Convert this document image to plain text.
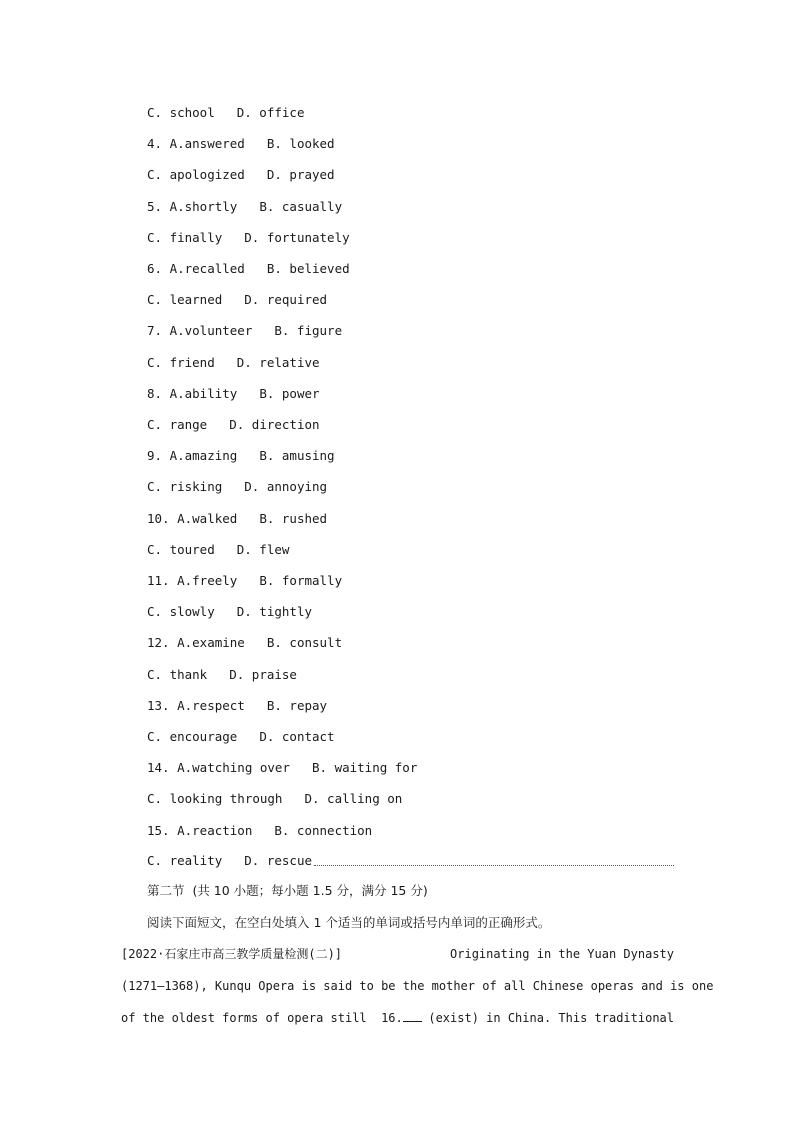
C. school D. office
4. A.answered B. looked
C. apologized D. prayed
5. A.shortly B. casually
C. finally D. fortunately
6. A.recalled B. believed
C. learned D. required
7. A.volunteer B. figure
C. friend D. relative
8. A.ability B. power
C. range D. direction
9. A.amazing B. amusing
C. risking D. annoying
10. A.walked B. rushed
C. toured D. flew
11. A.freely B. formally
C. slowly D. tightly
12. A.examine B. consult
C. thank D. praise
13. A.respect B. repay
C. encourage D. contact
14. A.watching over B. waiting for
C. looking through D. calling on
15. A.reaction B. connection
C. reality D. rescue
第二节  (共 10 小题；每小题 1.5 分，满分 15 分)
阅读下面短文，在空白处填入 1 个适当的单词或括号内单词的正确形式。
[2022·石家庄市高三教学质量检测(二)]	Originating in the Yuan Dynasty
(1271—1368), Kunqu Opera is said to be the mother of all Chinese operas and is one
of the oldest forms of opera still  16. (exist) in China. This traditional
